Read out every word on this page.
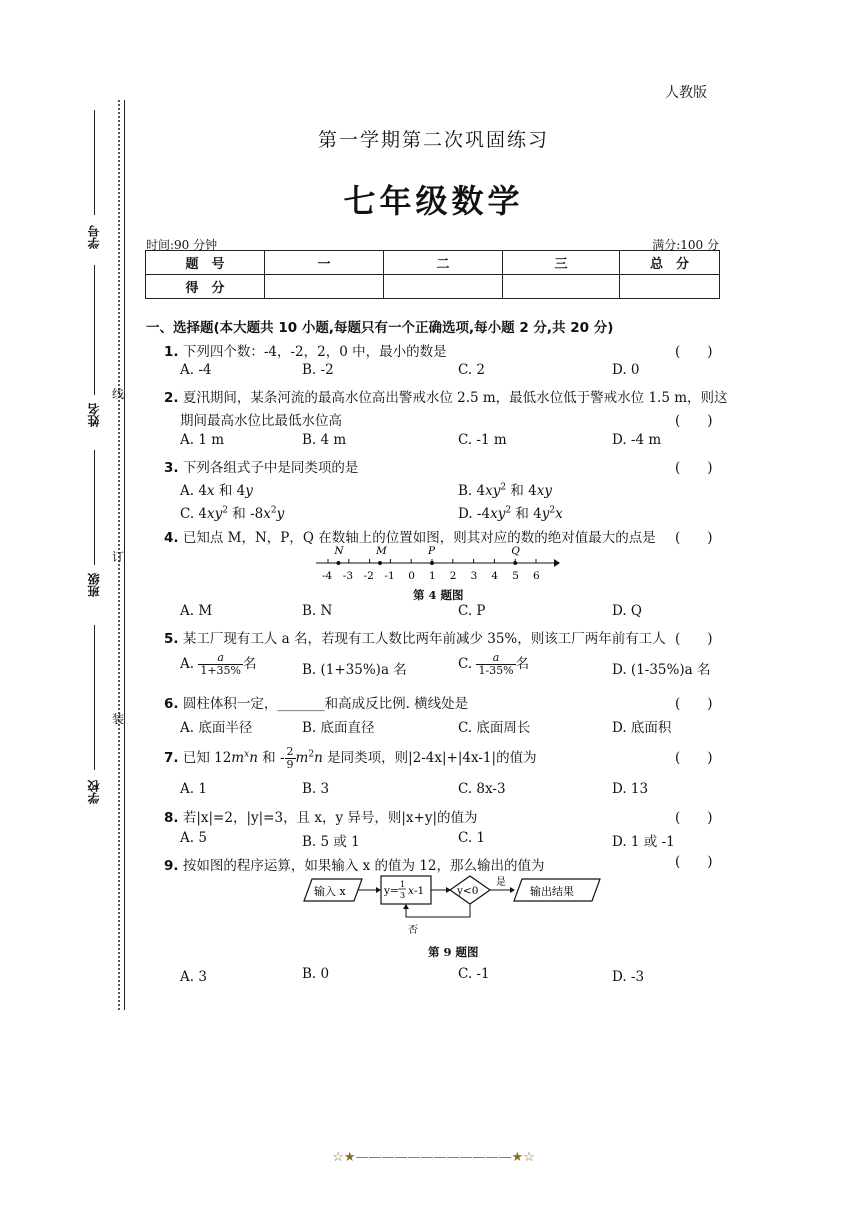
人教版
第一学期第二次巩固练习
七年级数学
时间:90 分钟	满分:100 分
题　号	一	二	三	总　分
得　分				
线
订
装
学号
姓名
班级
学校
一、选择题(本大题共 10 小题,每题只有一个正确选项,每小题 2 分,共 20 分)
1. 下列四个数：-4，-2，2，0 中，最小的数是	(　　)
A. -4	B. -2	C. 2	D. 0
2. 夏汛期间，某条河流的最高水位高出警戒水位 2.5 m，最低水位低于警戒水位 1.5 m，则这
期间最高水位比最低水位高	(　　)
A. 1 m	B. 4 m	C. -1 m	D. -4 m
3. 下列各组式子中是同类项的是	(　　)
A. 4x 和 4y	B. $4xy^2$ 和 4xy
C. $4xy^2$ 和 $-8x^2y$	D. $-4xy^2$ 和 $4y^2x$
4. 已知点 M，N，P，Q 在数轴上的位置如图，则其对应的数的绝对值最大的点是 (　　)
-4 -3 -2 -1 0 1 2 3 4 5 6
N	M	P	Q
第 4 题图
A. M	B. N	C. P	D. Q
5. 某工厂现有工人 a 名，若现有工人数比两年前减少 35%，则该工厂两年前有工人 (　　)
A. $\frac{a}{1+35\%}$ 名	B. (1+35%)a 名	C. $\frac{a}{1-35\%}$ 名	D. (1-35%)a 名
6. 圆柱体积一定，_______和高成反比例. 横线处是	(　　)
A. 底面半径	B. 底面直径	C. 底面周长	D. 底面积
7. 已知 $12m^xn$ 和 - $\frac{2}{9} m^2n$ 是同类项，则|2-4x|+|4x-1|的值为	(　　)
A. 1	B. 3	C. 8x-3	D. 13
8. 若|x|=2，|y|=3，且 x，y 异号，则|x+y|的值为	(　　)
A. 5	B. 5 或 1	C. 1	D. 1 或 -1
9. 按如图的程序运算，如果输入 x 的值为 12，那么输出的值为	(　　)
输入 x	y=
1
3 x -1	y<0
是
输出结果
否
第 9 题图
A. 3	B. 0	C. -1	D. -3
☆★————————————★☆
